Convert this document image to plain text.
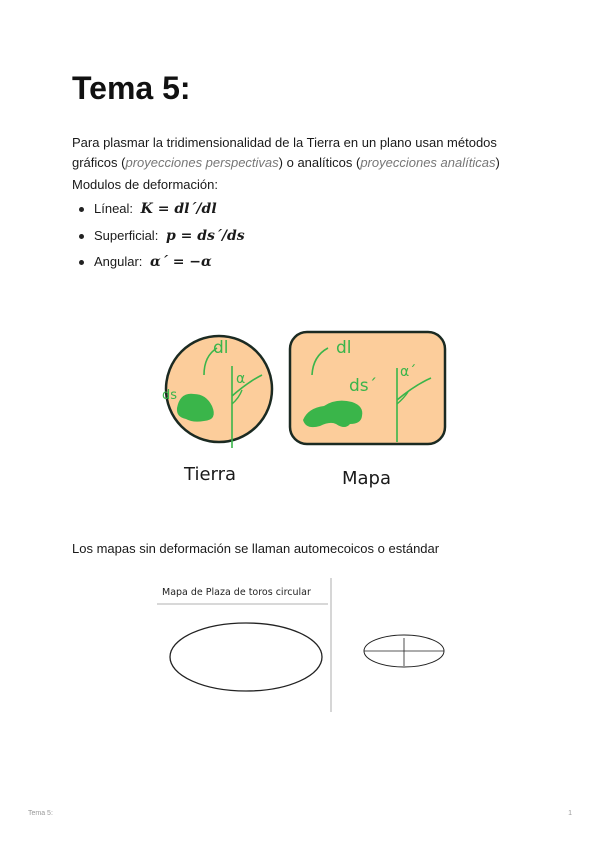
Tema 5:

Para plasmar la tridimensionalidad de la Tierra en un plano usan métodos gráficos (proyecciones perspectivas) o analíticos (proyecciones analíticas)

Modulos de deformación:

Líneal: K = dl´/dl
Superficial: p = ds´/ds
Angular: α´ = −α
dl
ds
α
dl
ds´
α´
Tierra	Mapa

Los mapas sin deformación se llaman automecoicos o estándar

Mapa de Plaza de toros circular
Tema 5:	1
